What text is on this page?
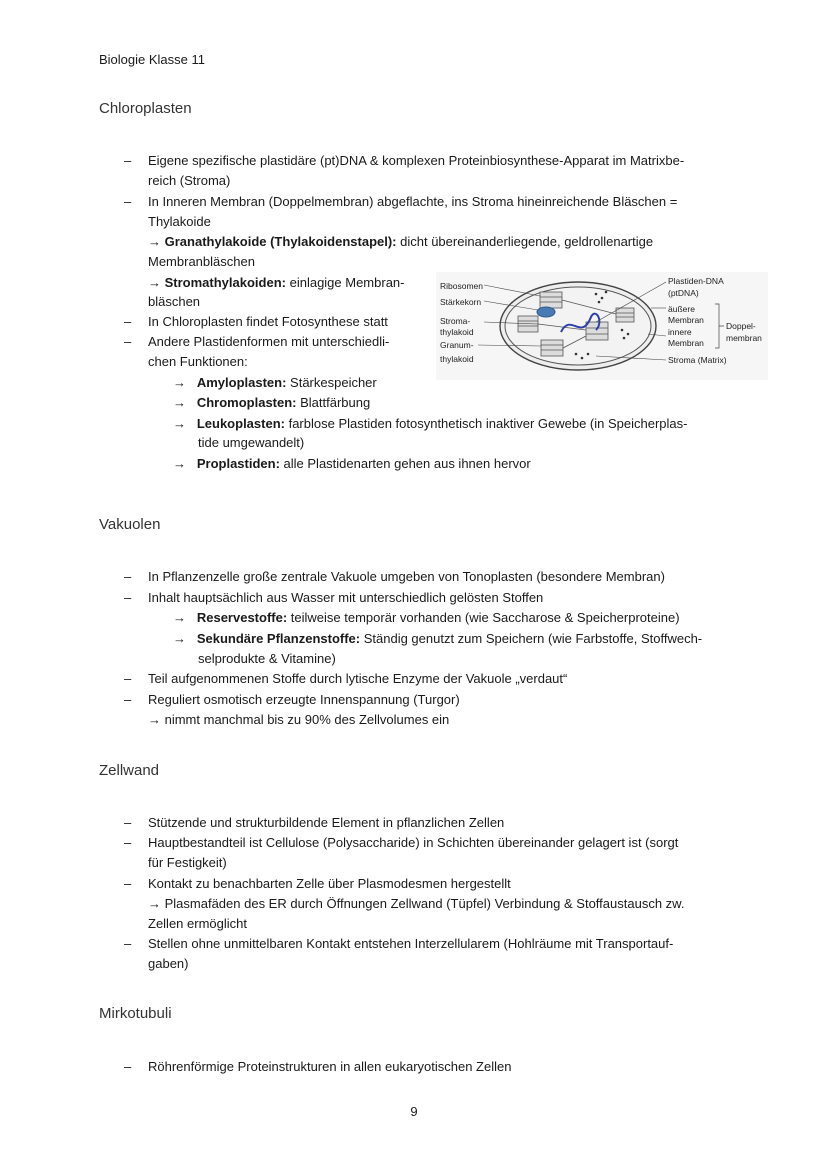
Biologie Klasse 11
Chloroplasten
– Eigene spezifische plastidäre (pt)DNA & komplexen Proteinbiosynthese-Apparat im Matrixbe-
reich (Stroma)
– In Inneren Membran (Doppelmembran) abgeflachte, ins Stroma hineinreichende Bläschen =
Thylakoide
→ Granathylakoide (Thylakoidenstapel): dicht übereinanderliegende, geldrollenartige
Membranbläschen
→ Stromathylakoiden: einlagige Membran-
bläschen
– In Chloroplasten findet Fotosynthese statt
– Andere Plastidenformen mit unterschiedli-
chen Funktionen:
→ Amyloplasten: Stärkespeicher
→ Chromoplasten: Blattfärbung
→ Leukoplasten: farblose Plastiden fotosynthetisch inaktiver Gewebe (in Speicherplas-
tide umgewandelt)
→ Proplastiden: alle Plastidenarten gehen aus ihnen hervor
Ribosomen
Stärkekorn
Stroma-
thylakoid
Granum-
thylakoid
Plastiden-DNA
(ptDNA)
äußere
Membran
innere
Membran
Doppel-
membran
Stroma (Matrix)
Vakuolen
– In Pflanzenzelle große zentrale Vakuole umgeben von Tonoplasten (besondere Membran)
– Inhalt hauptsächlich aus Wasser mit unterschiedlich gelösten Stoffen
→ Reservestoffe: teilweise temporär vorhanden (wie Saccharose & Speicherproteine)
→ Sekundäre Pflanzenstoffe: Ständig genutzt zum Speichern (wie Farbstoffe, Stoffwech-
selprodukte & Vitamine)
– Teil aufgenommenen Stoffe durch lytische Enzyme der Vakuole „verdaut“
– Reguliert osmotisch erzeugte Innenspannung (Turgor)
→ nimmt manchmal bis zu 90% des Zellvolumes ein
Zellwand
– Stützende und strukturbildende Element in pflanzlichen Zellen
– Hauptbestandteil ist Cellulose (Polysaccharide) in Schichten übereinander gelagert ist (sorgt
für Festigkeit)
– Kontakt zu benachbarten Zelle über Plasmodesmen hergestellt
→ Plasmafäden des ER durch Öffnungen Zellwand (Tüpfel) Verbindung & Stoffaustausch zw.
Zellen ermöglicht
– Stellen ohne unmittelbaren Kontakt entstehen Interzellularem (Hohlräume mit Transportauf-
gaben)
Mirkotubuli
– Röhrenförmige Proteinstrukturen in allen eukaryotischen Zellen
9
